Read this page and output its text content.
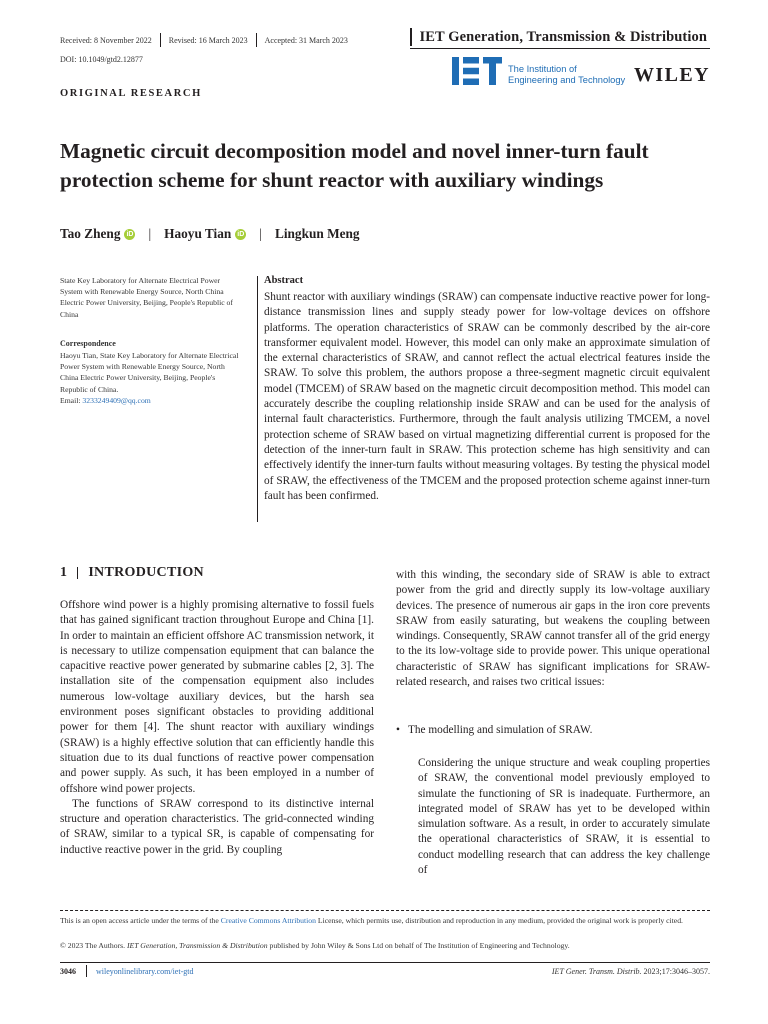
Received: 8 November 2022 Revised: 16 March 2023 Accepted: 31 March 2023	IET Generation, Transmission & Distribution
DOI: 10.1049/gtd2.12877
The Institution of
Engineering and Technology WILEY
ORIGINAL RESEARCH
Magnetic circuit decomposition model and novel inner-turn fault protection scheme for shunt reactor with auxiliary windings
Tao Zheng iD | Haoyu Tian iD | Lingkun Meng
State Key Laboratory for Alternate Electrical Power System with Renewable Energy Source, North China Electric Power University, Beijing, People's Republic of China
Correspondence
Haoyu Tian, State Key Laboratory for Alternate Electrical Power System with Renewable Energy Source, North China Electric Power University, Beijing, People's Republic of China.
Email: 3233249409@qq.com
Abstract

Shunt reactor with auxiliary windings (SRAW) can compensate inductive reactive power for long-distance transmission lines and supply steady power for low-voltage devices on offshore platforms. The operation characteristics of SRAW can be commonly described by the air-core transformer equivalent model. However, this model can only make an approximate simulation of the external characteristics of SRAW, and cannot reflect the actual electrical features inside the SRAW. To solve this problem, the authors propose a three-segment magnetic circuit equivalent model (TMCEM) of SRAW based on the magnetic circuit decomposition method. This model can accurately describe the coupling relationship inside SRAW and can be used for the analysis of internal fault characteristics. Furthermore, through the fault analysis utilizing TMCEM, a novel protection scheme of SRAW based on virtual magnetizing differential current is proposed for the detection of the inner-turn fault in SRAW. This protection scheme has high sensitivity and can effectively identify the inner-turn faults without measuring voltages. By testing the physical model of SRAW, the effectiveness of the TMCEM and the proposed protection scheme against inner-turn fault has been confirmed.

1 INTRODUCTION

Offshore wind power is a highly promising alternative to fossil fuels that has gained significant traction throughout Europe and China [1]. In order to maintain an efficient offshore AC transmission network, it is necessary to utilize compensation equipment that can balance the capacitive reactive power generated by submarine cables [2, 3]. The installation site of the compensation equipment also includes numerous low-voltage auxiliary devices, but the harsh sea environment poses significant obstacles to providing additional power for them [4]. The shunt reactor with auxiliary windings (SRAW) is a highly effective solution that can efficiently handle this situation due to its dual functions of reactive power compensation and power supply. As such, it has been employed in a number of offshore wind power projects.

The functions of SRAW correspond to its distinctive internal structure and operation characteristics. The grid-connected winding of SRAW, similar to a typical SR, is capable of compensating for inductive reactive power in the grid. By coupling

with this winding, the secondary side of SRAW is able to extract power from the grid and directly supply its low-voltage auxiliary devices. The presence of numerous air gaps in the iron core prevents SRAW from easily saturating, but weakens the coupling between windings. Consequently, SRAW cannot transfer all of the grid energy to the its low-voltage side to provide power. This unique operational characteristic of SRAW has significant implications for SRAW-related research, and raises two critical issues:

• The modelling and simulation of SRAW.

Considering the unique structure and weak coupling properties of SRAW, the conventional model previously employed to simulate the functioning of SR is inadequate. Furthermore, an integrated model of SRAW has yet to be developed within simulation software. As a result, in order to accurately simulate the operational characteristics of SRAW, it is essential to conduct modelling research that can address the key challenge of

This is an open access article under the terms of the Creative Commons Attribution License, which permits use, distribution and reproduction in any medium, provided the original work is properly cited.
© 2023 The Authors. IET Generation, Transmission & Distribution published by John Wiley & Sons Ltd on behalf of The Institution of Engineering and Technology.
3046	wileyonlinelibrary.com/iet-gtd	IET Gener. Transm. Distrib. 2023;17:3046–3057.
